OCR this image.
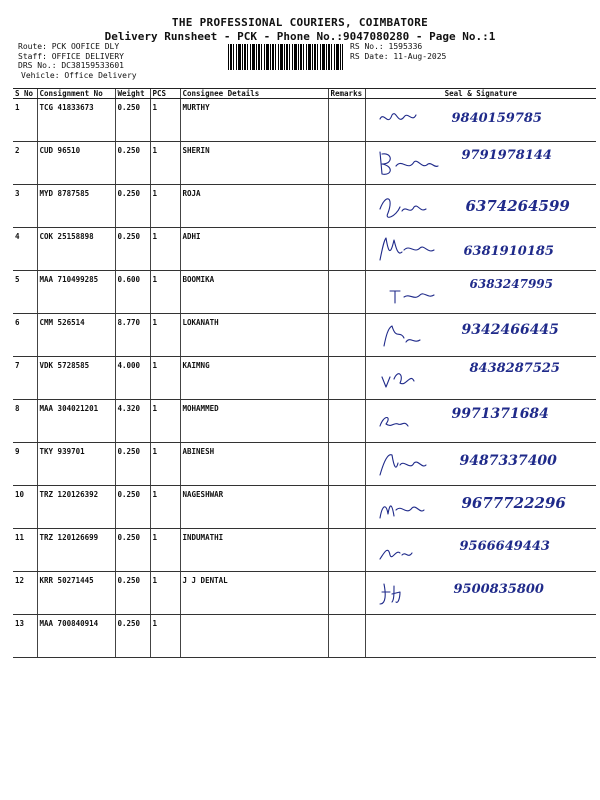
THE PROFESSIONAL COURIERS, COIMBATORE
Delivery Runsheet - PCK - Phone No.:9047080280 - Page No.:1
Route: PCK OOFICE DLY
Staff: OFFICE DELIVERY
DRS No.: DC38159533601
Vehicle: Office Delivery
RS No.: 1595336
RS Date: 11-Aug-2025
S No	Consignment No	Weight	PCS	Consignee Details	Remarks	Seal & Signature
1	TCG 41833673	0.250	1	MURTHY		9840159785

2	CUD 96510	0.250	1	SHERIN		9791978144

3	MYD 8787585	0.250	1	ROJA		6374264599

4	COK 25158898	0.250	1	ADHI		6381910185

5	MAA 710499285	0.600	1	BOOMIKA		6383247995

6	CMM 526514	8.770	1	LOKANATH		9342466445

7	VDK 5728585	4.000	1	KAIMNG		8438287525

8	MAA 304021201	4.320	1	MOHAMMED		9971371684

9	TKY 939701	0.250	1	ABINESH		9487337400

10	TRZ 120126392	0.250	1	NAGESHWAR		9677722296

11	TRZ 120126699	0.250	1	INDUMATHI		9566649443

12	KRR 50271445	0.250	1	J J DENTAL		9500835800

13	MAA 700840914	0.250	1			
